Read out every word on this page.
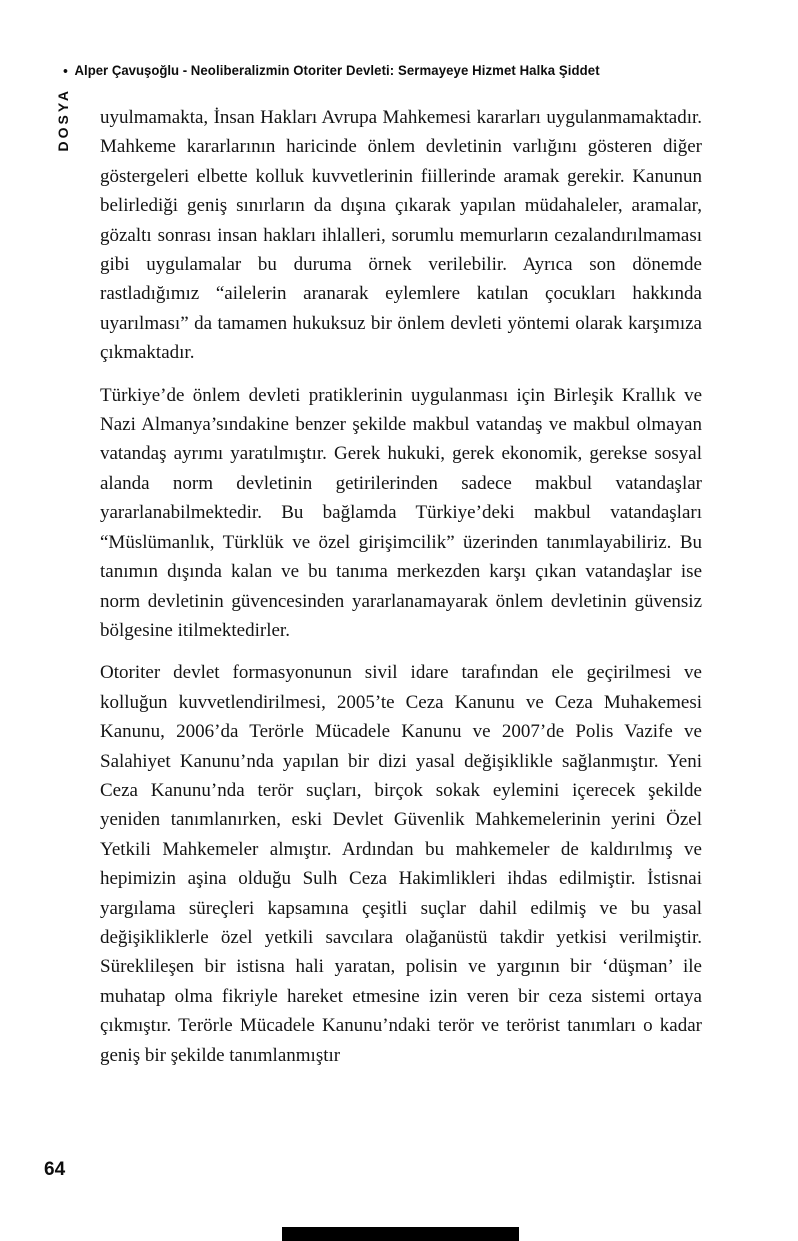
• Alper Çavuşoğlu - Neoliberalizmin Otoriter Devleti: Sermayeye Hizmet Halka Şiddet
DOSYA uyulmamakta, İnsan Hakları Avrupa Mahkemesi kararları uygulanmamaktadır. Mahkeme kararlarının haricinde önlem devletinin varlığını gösteren diğer göstergeleri elbette kolluk kuvvetlerinin fiillerinde aramak gerekir. Kanunun belirlediği geniş sınırların da dışına çıkarak yapılan müdahaleler, aramalar, gözaltı sonrası insan hakları ihlalleri, sorumlu memurların cezalandırılmaması gibi uygulamalar bu duruma örnek verilebilir. Ayrıca son dönemde rastladığımız “ailelerin aranarak eylemlere katılan çocukları hakkında uyarılması” da tamamen hukuksuz bir önlem devleti yöntemi olarak karşımıza çıkmaktadır.

Türkiye’de önlem devleti pratiklerinin uygulanması için Birleşik Krallık ve Nazi Almanya’sındakine benzer şekilde makbul vatandaş ve makbul olmayan vatandaş ayrımı yaratılmıştır. Gerek hukuki, gerek ekonomik, gerekse sosyal alanda norm devletinin getirilerinden sadece makbul vatandaşlar yararlanabilmektedir. Bu bağlamda Türkiye’deki makbul vatandaşları “Müslümanlık, Türklük ve özel girişimcilik” üzerinden tanımlayabiliriz. Bu tanımın dışında kalan ve bu tanıma merkezden karşı çıkan vatandaşlar ise norm devletinin güvencesinden yararlanamayarak önlem devletinin güvensiz bölgesine itilmektedirler.

Otoriter devlet formasyonunun sivil idare tarafından ele geçirilmesi ve kolluğun kuvvetlendirilmesi, 2005’te Ceza Kanunu ve Ceza Muhakemesi Kanunu, 2006’da Terörle Mücadele Kanunu ve 2007’de Polis Vazife ve Salahiyet Kanunu’nda yapılan bir dizi yasal değişiklikle sağlanmıştır. Yeni Ceza Kanunu’nda terör suçları, birçok sokak eylemini içerecek şekilde yeniden tanımlanırken, eski Devlet Güvenlik Mahkemelerinin yerini Özel Yetkili Mahkemeler almıştır. Ardından bu mahkemeler de kaldırılmış ve hepimizin aşina olduğu Sulh Ceza Hakimlikleri ihdas edilmiştir. İstisnai yargılama süreçleri kapsamına çeşitli suçlar dahil edilmiş ve bu yasal değişikliklerle özel yetkili savcılara olağanüstü takdir yetkisi verilmiştir. Süreklileşen bir istisna hali yaratan, polisin ve yargının bir ‘düşman’ ile muhatap olma fikriyle hareket etmesine izin veren bir ceza sistemi ortaya çıkmıştır. Terörle Mücadele Kanunu’ndaki terör ve terörist tanımları o kadar geniş bir şekilde tanımlanmıştır

64
